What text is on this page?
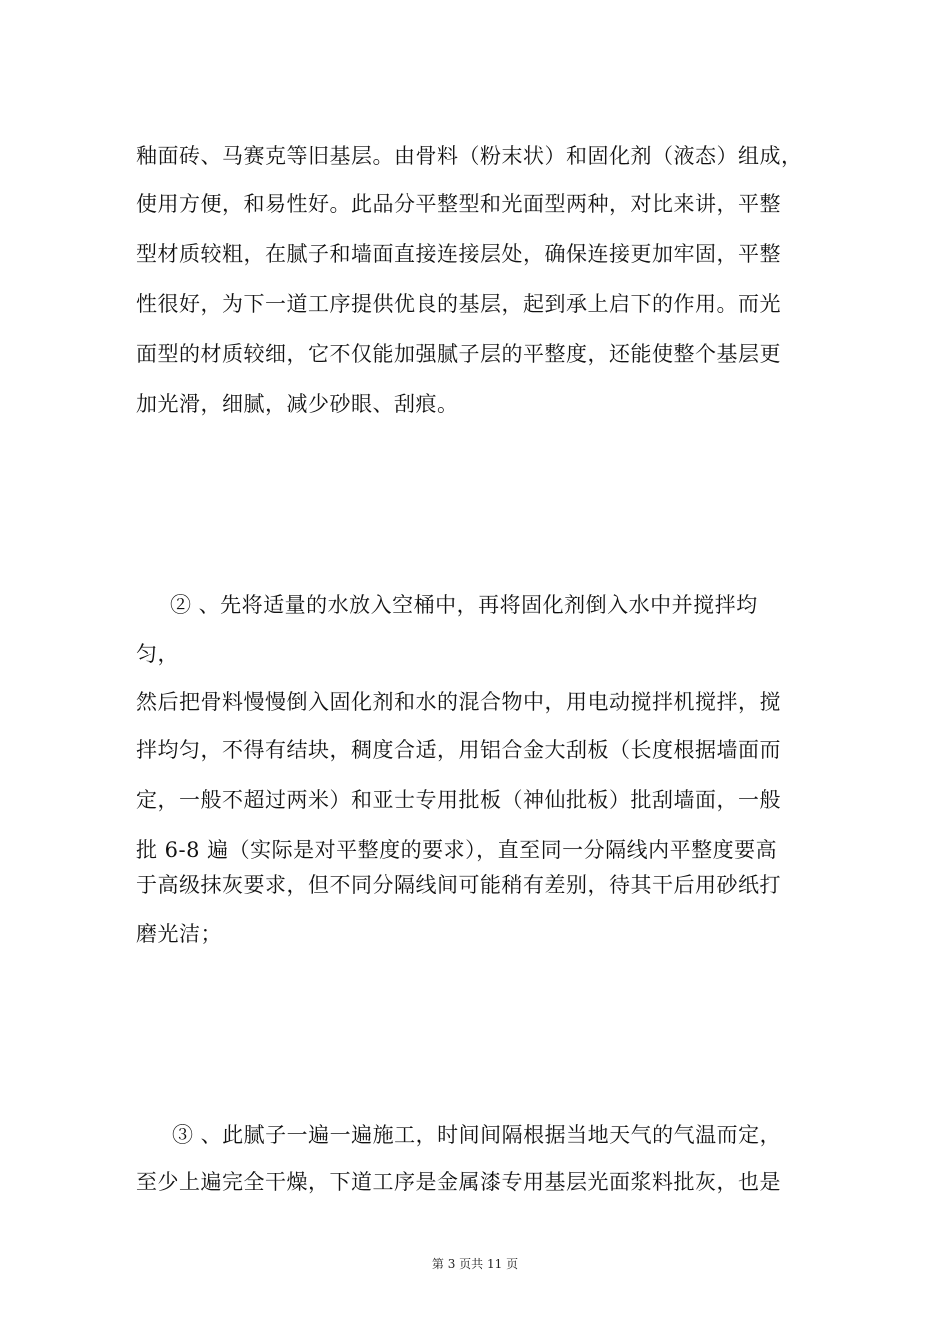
釉面砖、马赛克等旧基层。由骨料（粉末状）和固化剂（液态）组成，
使用方便，和易性好。此品分平整型和光面型两种，对比来讲，平整
型材质较粗，在腻子和墙面直接连接层处，确保连接更加牢固，平整
性很好，为下一道工序提供优良的基层，起到承上启下的作用。而光
面型的材质较细，它不仅能加强腻子层的平整度，还能使整个基层更
加光滑，细腻，减少砂眼、刮痕。
② 、先将适量的水放入空桶中，再将固化剂倒入水中并搅拌均
匀，
然后把骨料慢慢倒入固化剂和水的混合物中，用电动搅拌机搅拌，搅
拌均匀，不得有结块，稠度合适，用铝合金大刮板（长度根据墙面而
定，一般不超过两米）和亚士专用批板（神仙批板）批刮墙面，一般
批 6-8 遍（实际是对平整度的要求），直至同一分隔线内平整度要高
于高级抹灰要求，但不同分隔线间可能稍有差别，待其干后用砂纸打
磨光洁；
③ 、此腻子一遍一遍施工，时间间隔根据当地天气的气温而定，
至少上遍完全干燥，下道工序是金属漆专用基层光面浆料批灰，也是
第 3 页共 11 页
